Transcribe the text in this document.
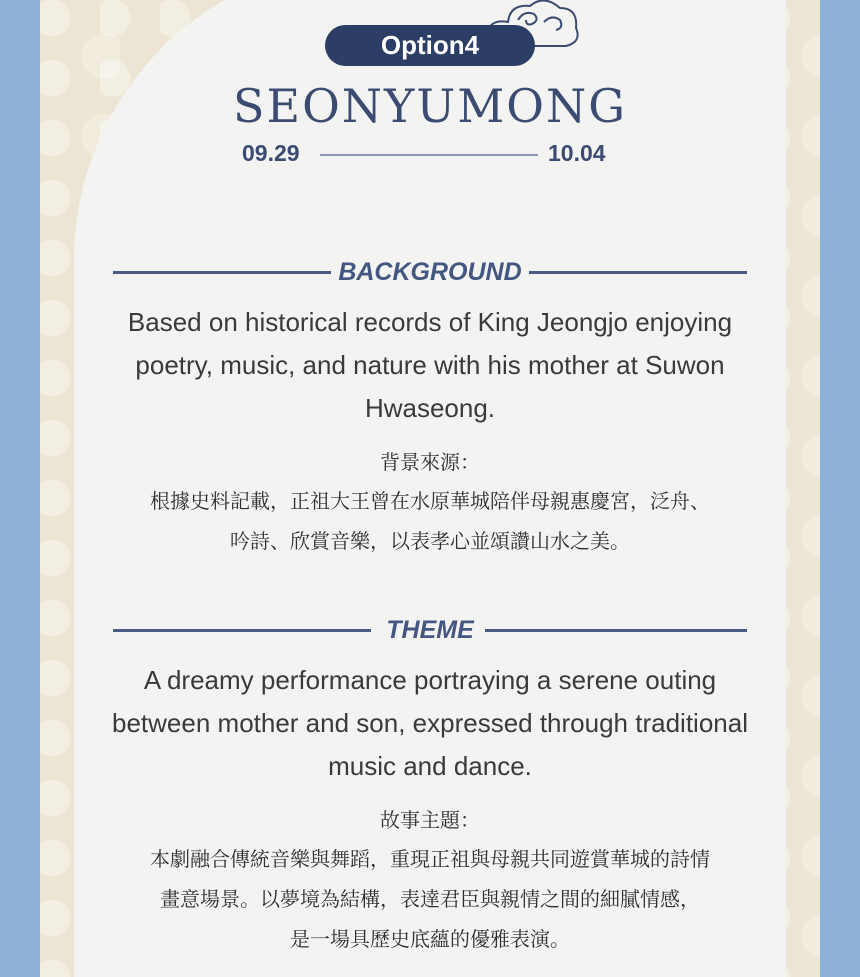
Option4
SEONYUMONG
09.29	10.04
BACKGROUND
Based on historical records of King Jeongjo enjoying poetry, music, and nature with his mother at Suwon Hwaseong.
背景來源：
根據史料記載，正祖大王曾在水原華城陪伴母親惠慶宮，泛舟、
吟詩、欣賞音樂，以表孝心並頌讚山水之美。
THEME
A dreamy performance portraying a serene outing between mother and son, expressed through traditional music and dance.
故事主題：
本劇融合傳統音樂與舞蹈，重現正祖與母親共同遊賞華城的詩情
畫意場景。以夢境為結構，表達君臣與親情之間的細膩情感，
是一場具歷史底蘊的優雅表演。
